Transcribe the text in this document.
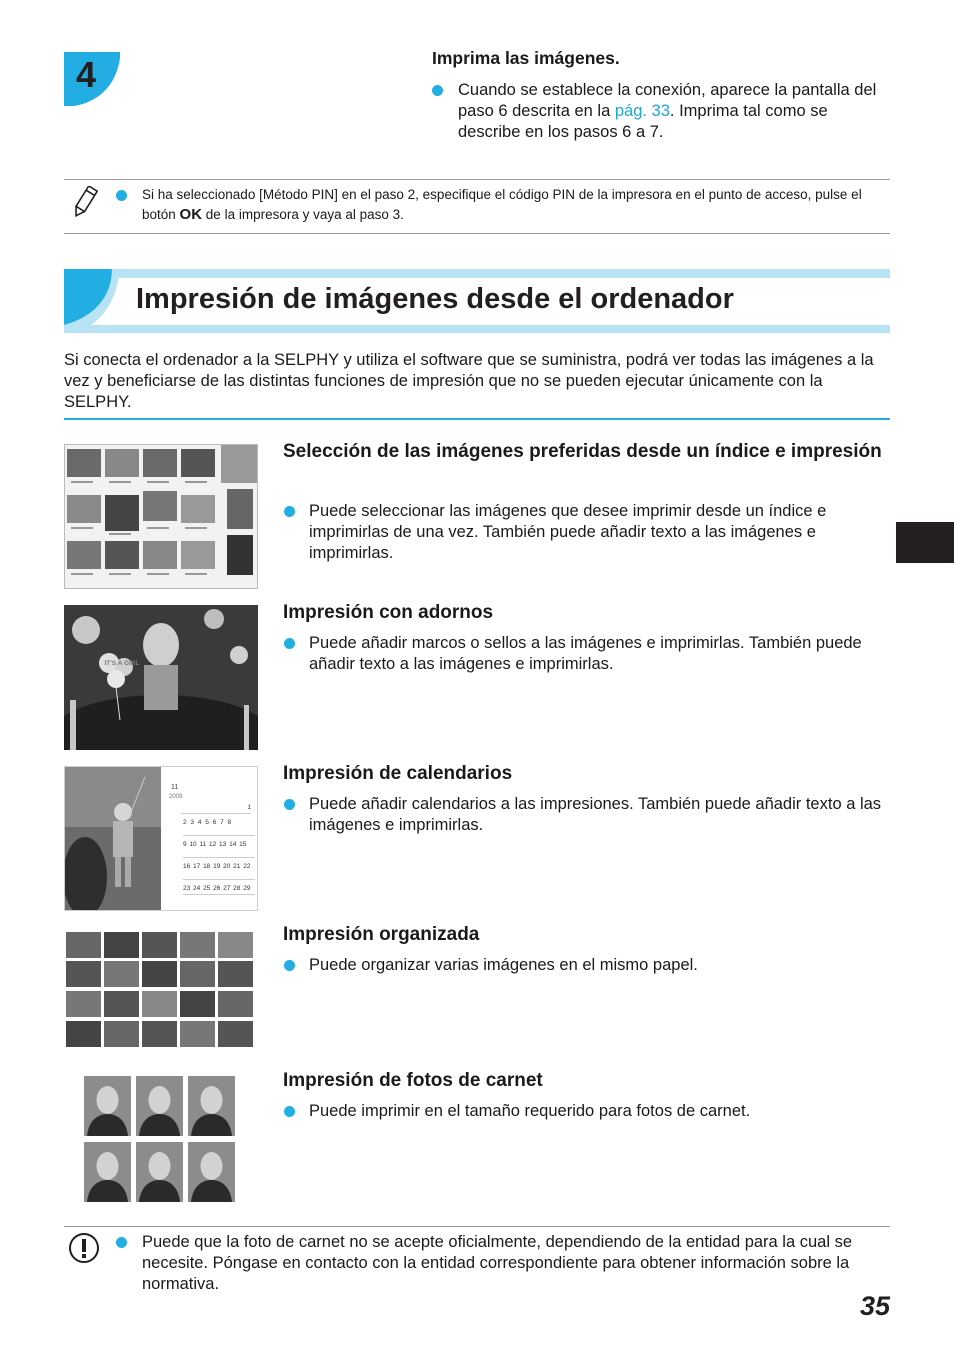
4	Imprima las imágenes.
Cuando se establece la conexión, aparece la pantalla del paso 6 descrita en la pág. 33. Imprima tal como se describe en los pasos 6 a 7.
Si ha seleccionado [Método PIN] en el paso 2, especifique el código PIN de la impresora en el punto de acceso, pulse el botón OK de la impresora y vaya al paso 3.
Impresión de imágenes desde el ordenador
Si conecta el ordenador a la SELPHY y utiliza el software que se suministra, podrá ver todas las imágenes a la vez y beneficiarse de las distintas funciones de impresión que no se pueden ejecutar únicamente con la SELPHY.
Selección de las imágenes preferidas desde un índice e impresión
Puede seleccionar las imágenes que desee imprimir desde un índice e imprimirlas de una vez. También puede añadir texto a las imágenes e imprimirlas.
IT'S A GIRL
Impresión con adornos
Puede añadir marcos o sellos a las imágenes e imprimirlas. También puede añadir texto a las imágenes e imprimirlas.
11
2009
1
2 3 4 5 6 7 8
9 10 11 12 13 14 15
16 17 18 19 20 21 22
23 24 25 26 27 28 29
Impresión de calendarios
Puede añadir calendarios a las impresiones. También puede añadir texto a las imágenes e imprimirlas.
Impresión organizada
Puede organizar varias imágenes en el mismo papel.
Impresión de fotos de carnet
Puede imprimir en el tamaño requerido para fotos de carnet.
Puede que la foto de carnet no se acepte oficialmente, dependiendo de la entidad para la cual se necesite. Póngase en contacto con la entidad correspondiente para obtener información sobre la normativa.
35
